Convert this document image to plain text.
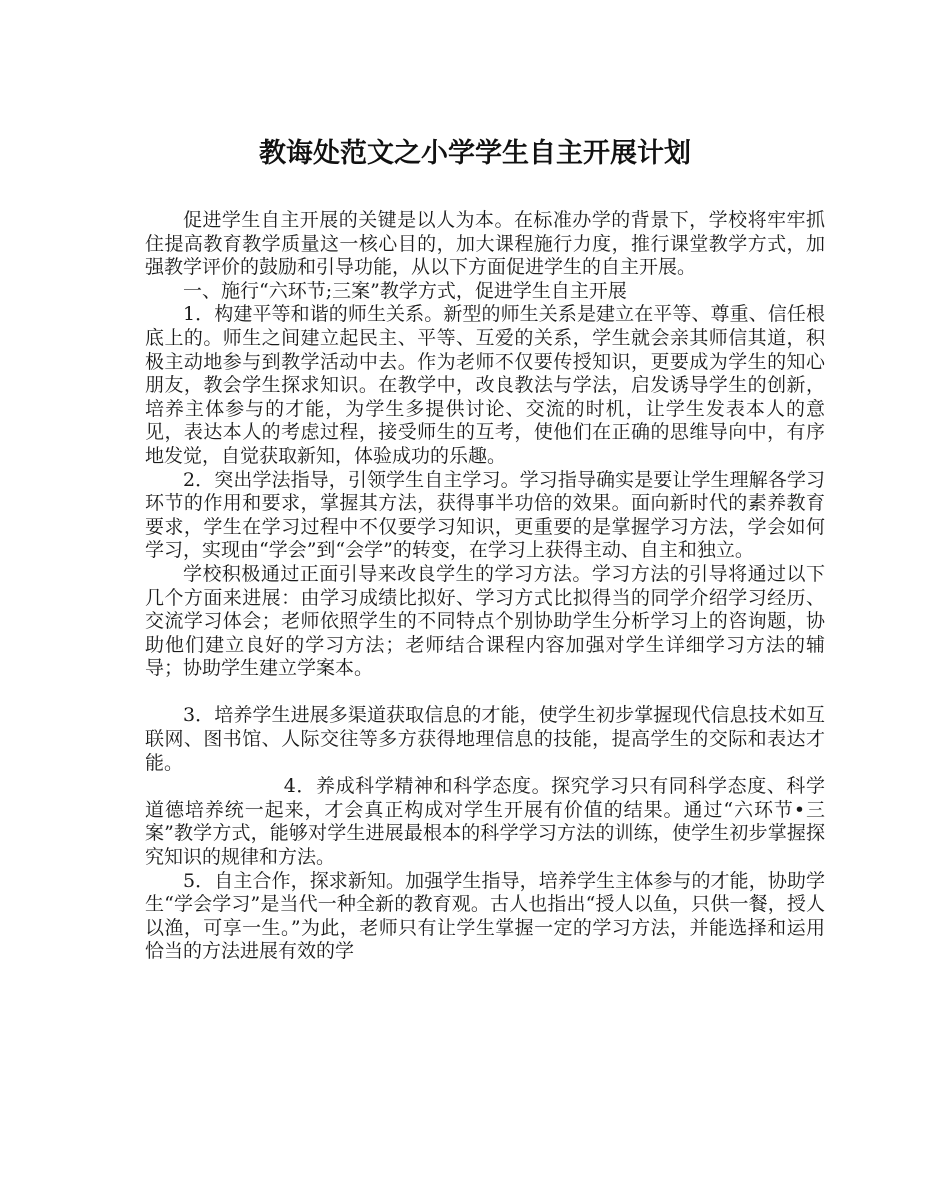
教诲处范文之小学学生自主开展计划

促进学生自主开展的关键是以人为本。在标准办学的背景下，学校将牢牢抓住提高教育教学质量这一核心目的，加大课程施行力度，推行课堂教学方式，加强教学评价的鼓励和引导功能，从以下方面促进学生的自主开展。

一、施行“六环节;三案”教学方式，促进学生自主开展

1．构建平等和谐的师生关系。新型的师生关系是建立在平等、尊重、信任根底上的。师生之间建立起民主、平等、互爱的关系，学生就会亲其师信其道，积极主动地参与到教学活动中去。作为老师不仅要传授知识，更要成为学生的知心朋友，教会学生探求知识。在教学中，改良教法与学法，启发诱导学生的创新，培养主体参与的才能，为学生多提供讨论、交流的时机，让学生发表本人的意见，表达本人的考虑过程，接受师生的互考，使他们在正确的思维导向中，有序地发觉，自觉获取新知，体验成功的乐趣。

2．突出学法指导，引领学生自主学习。学习指导确实是要让学生理解各学习环节的作用和要求，掌握其方法，获得事半功倍的效果。面向新时代的素养教育要求，学生在学习过程中不仅要学习知识，更重要的是掌握学习方法，学会如何学习，实现由“学会”到“会学”的转变，在学习上获得主动、自主和独立。

学校积极通过正面引导来改良学生的学习方法。学习方法的引导将通过以下几个方面来进展：由学习成绩比拟好、学习方式比拟得当的同学介绍学习经历、交流学习体会；老师依照学生的不同特点个别协助学生分析学习上的咨询题，协助他们建立良好的学习方法；老师结合课程内容加强对学生详细学习方法的辅导；协助学生建立学案本。

3．培养学生进展多渠道获取信息的才能，使学生初步掌握现代信息技术如互联网、图书馆、人际交往等多方获得地理信息的技能，提高学生的交际和表达才能。

4．养成科学精神和科学态度。探究学习只有同科学态度、科学道德培养统一起来，才会真正构成对学生开展有价值的结果。通过“六环节•三案”教学方式，能够对学生进展最根本的科学学习方法的训练，使学生初步掌握探究知识的规律和方法。

5．自主合作，探求新知。加强学生指导，培养学生主体参与的才能，协助学生“学会学习”是当代一种全新的教育观。古人也指出“授人以鱼，只供一餐，授人以渔，可享一生。”为此，老师只有让学生掌握一定的学习方法，并能选择和运用恰当的方法进展有效的学
